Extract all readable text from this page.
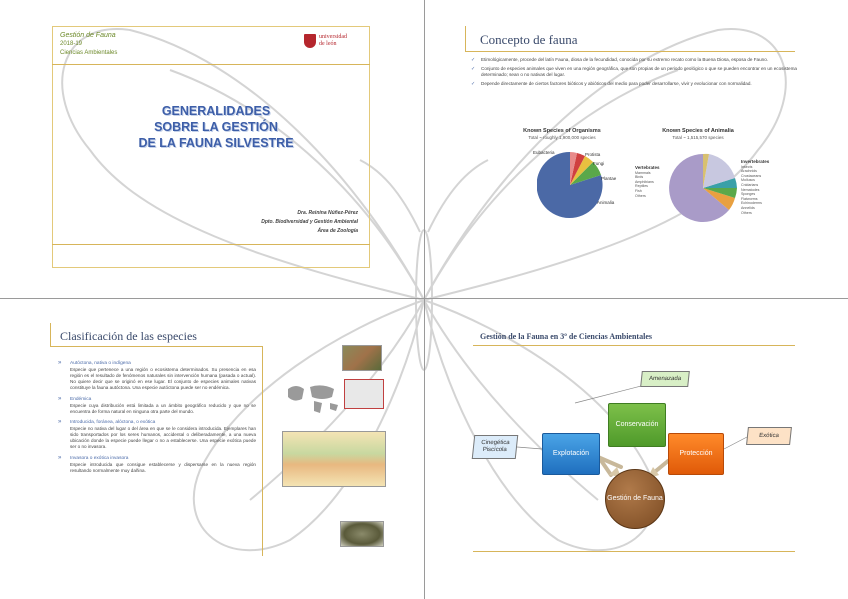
Gestión de Fauna
2018-19
Ciencias Ambientales
universidad de león
GENERALIDADES
SOBRE LA GESTIÓN
DE LA FAUNA SILVESTRE
Dra. Reinina Núñez-Pérez
Dpto. Biodiversidad y Gestión Ambiental
Área de Zoología
Concepto de fauna
✓ Etimológicamente, procede del latín Fauna, diosa de la fecundidad, conocida por su extremo recato como la Buena Diosa, esposa de Fauno.
✓ Conjunto de especies animales que viven en una región geográfica, que son propias de un periodo geológico o que se pueden encontrar en un ecosistema determinado; sean o no nativas del lugar.
✓ Depende directamente de ciertos factores bióticos y abióticos del medio para poder desarrollarse, vivir y evolucionar con normalidad.
Known Species of Organisms
Total ~ roughly 1,900,000 species
Eubacteria	Protista
Fungi
Plantae
Animalia
Known Species of Animalia
Total ~ 1,515,570 species
Vertebrates
Mammals
Birds
Amphibians
Reptiles
Fish
Others
Invertebrates
Insects
Arachnids
Crustaceans
Molluscs
Cnidarians
Nematodes
Sponges
Flatworms
Echinoderms
Annelids
Others
Clasificación de las especies
» Autóctona, nativa o indígena
Especie que pertenece a una región o ecosistema determinados. Su presencia en esa región es el resultado de fenómenos naturales sin intervención humana (pasada o actual). No quiere decir que se originó en ese lugar. El conjunto de especies animales nativas constituye la fauna autóctona. Una especie autóctona puede ser no endémica.
» Endémica
Especie cuya distribución está limitada a un ámbito geográfico reducido y que no se encuentra de forma natural en ninguna otra parte del mundo.
» Introducida, foránea, alóctona, o exótica
Especie no nativa del lugar o del área en que se le considera introducida. Ejemplares han sido transportados por los seres humanos, accidental o deliberadamente, a una nueva ubicación donde la especie puede llegar o no a establecerse. Una especie exótica puede ser o no invasora.
» Invasora o exótica invasora
Especie introducida que consigue establecerse y dispersarse en la nueva región resultando normalmente muy dañina.
Gestión de la Fauna en 3º de Ciencias Ambientales
Conservación
Explotación	Protección
Gestión de Fauna
Amenazada
Cinegética Piscícola
Exótica
